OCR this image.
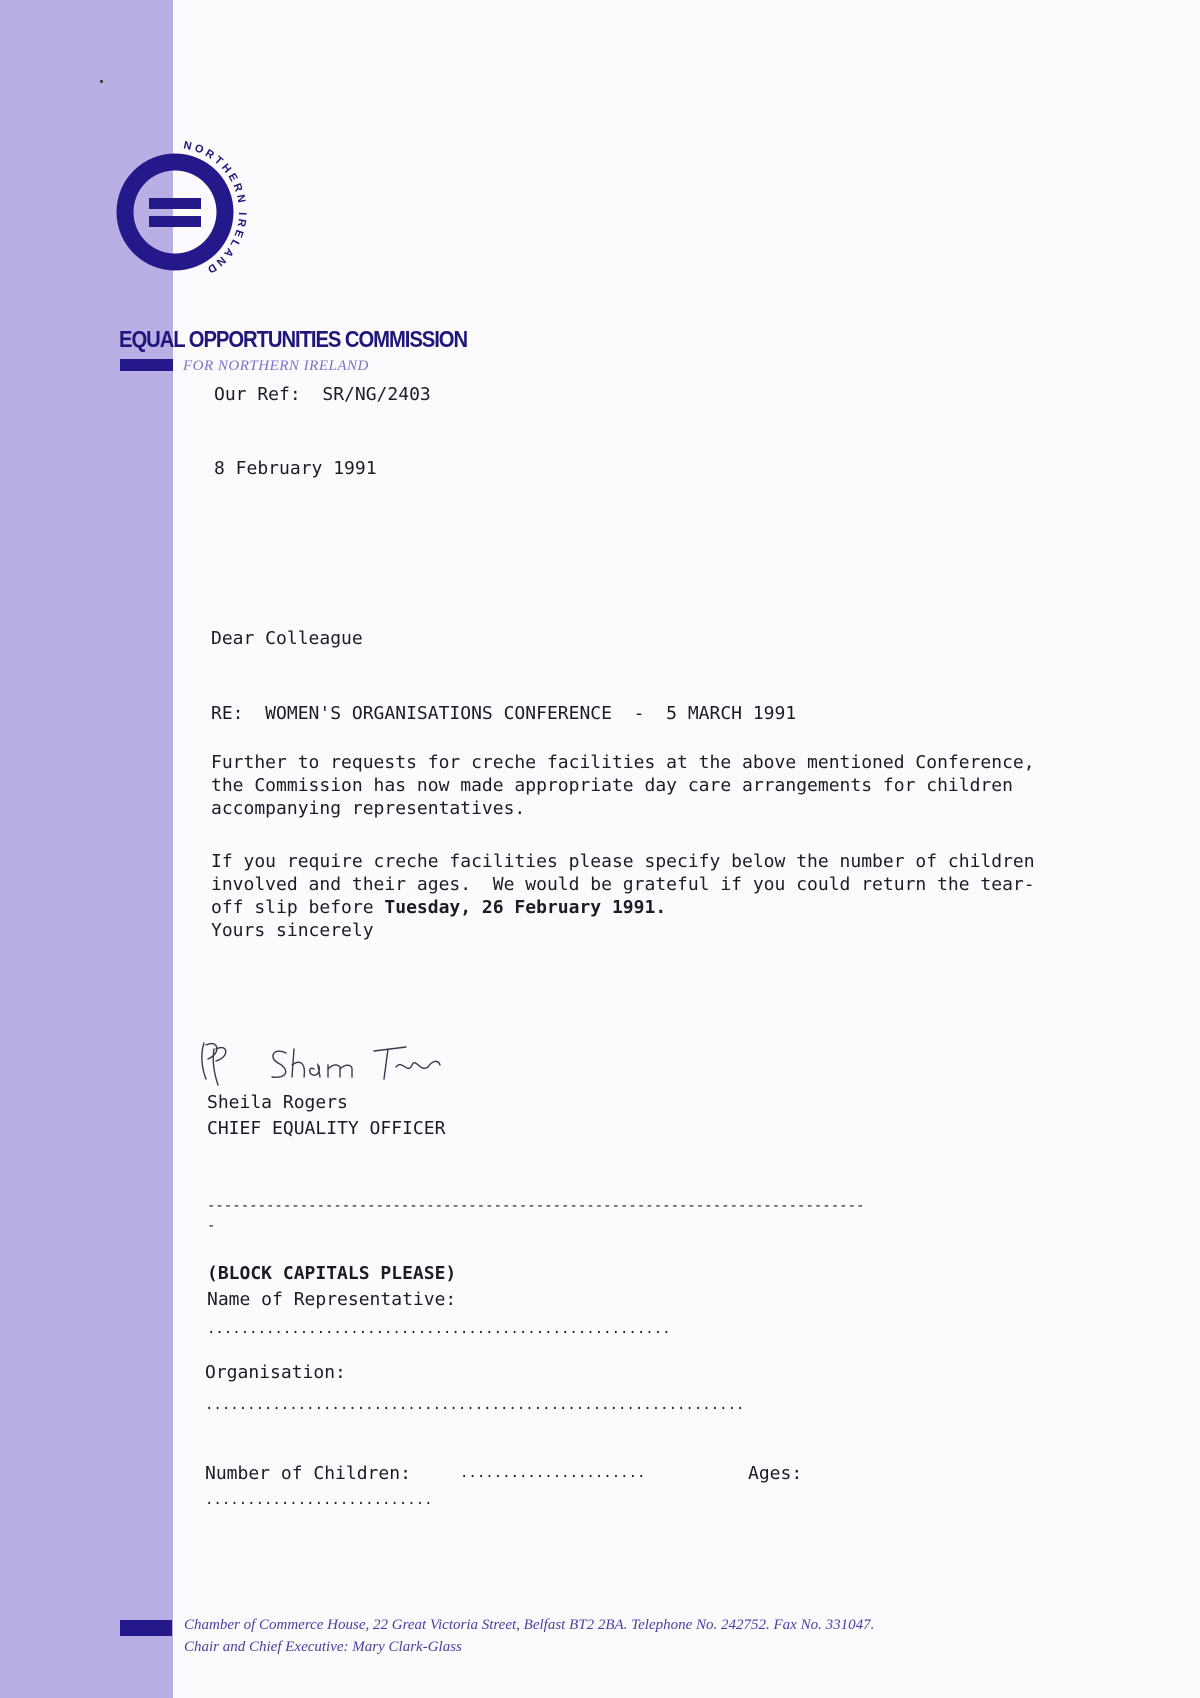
NORTHERN IRELAND
EQUAL OPPORTUNITIES COMMISSION
FOR NORTHERN IRELAND
Our Ref:  SR/NG/2403
8 February 1991
Dear Colleague
RE:  WOMEN'S ORGANISATIONS CONFERENCE  -  5 MARCH 1991
Further to requests for creche facilities at the above mentioned Conference,
the Commission has now made appropriate day care arrangements for children
accompanying representatives.
If you require creche facilities please specify below the number of children
involved and their ages.  We would be grateful if you could return the tear-
off slip before Tuesday, 26 February 1991.
Yours sincerely
Sheila Rogers
CHIEF EQUALITY OFFICER
------------------------------------------------------------------------------
-
(BLOCK CAPITALS PLEASE)
Name of Representative:
.......................................................
Organisation:
................................................................
Number of Children:	......................	Ages:
...........................
Chamber of Commerce House, 22 Great Victoria Street, Belfast BT2 2BA. Telephone No. 242752. Fax No. 331047.
Chair and Chief Executive: Mary Clark-Glass
